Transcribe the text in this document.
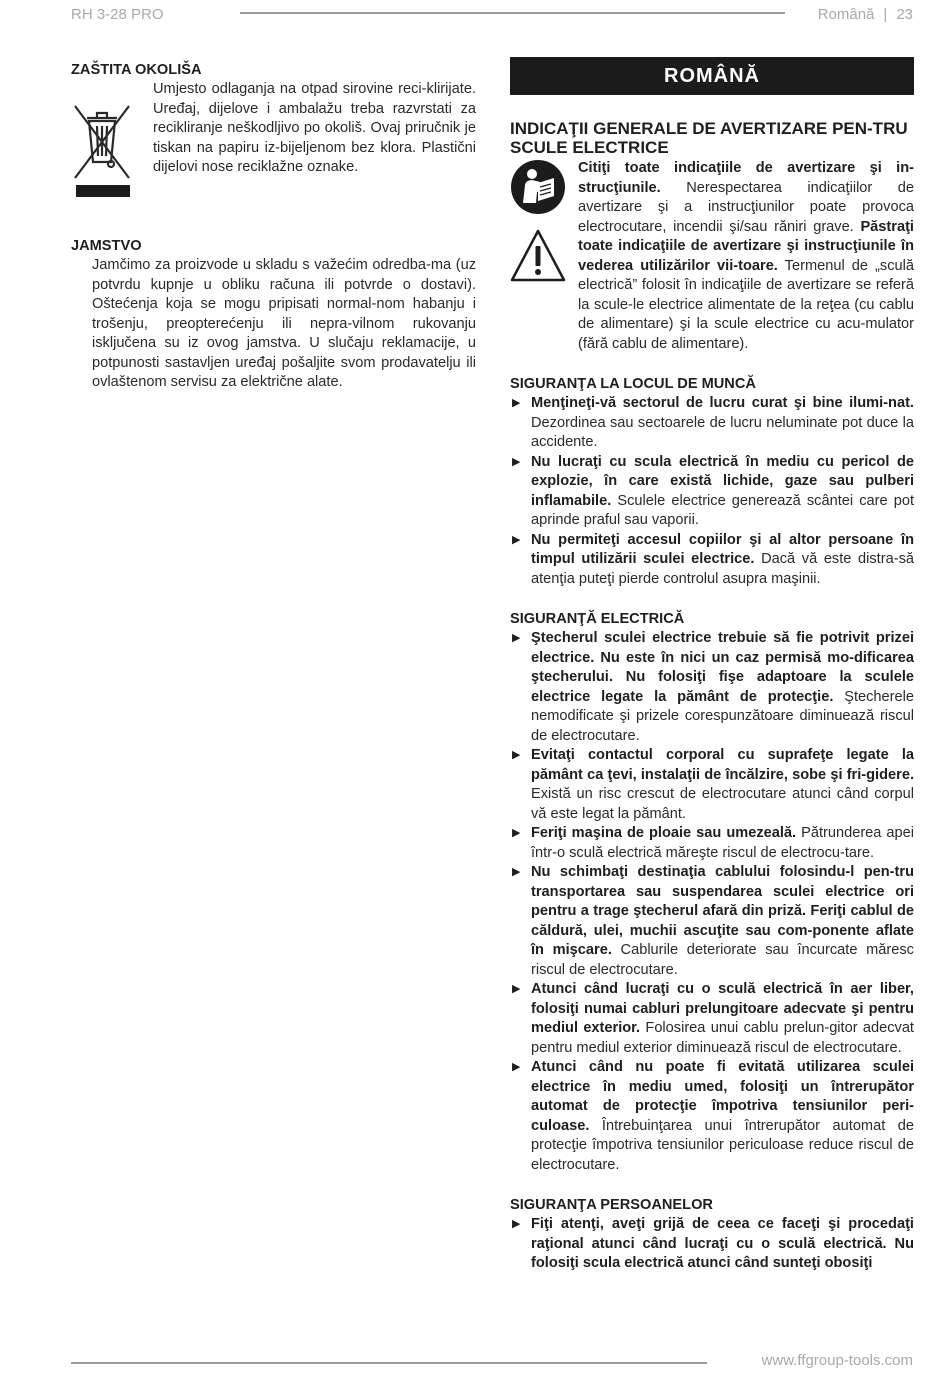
RH 3-28 PRO	Română | 23
ZAŠTITA OKOLIŠA

Umjesto odlaganja na otpad sirovine reci-klirijate. Uređaj, dijelove i ambalažu treba razvrstati za recikliranje neškodljivo po okoliš. Ovaj priručnik je tiskan na papiru iz-bijeljenom bez klora. Plastični dijelovi nose reciklažne oznake.

JAMSTVO

Jamčimo za proizvode u skladu s važećim odredba-ma (uz potvrdu kupnje u obliku računa ili potvrde o dostavi). Oštećenja koja se mogu pripisati normal-nom habanju i trošenju, preopterećenju ili nepra-vilnom rukovanju isključena su iz ovog jamstva. U slučaju reklamacije, u potpunosti sastavljen uređaj pošaljite svom prodavatelju ili ovlaštenom servisu za električne alate.

ROMÂNĂ
INDICAŢII GENERALE DE AVERTIZARE PEN-TRU SCULE ELECTRICE

Citiţi toate indicaţiile de avertizare şi in-strucţiunile. Nerespectarea indicaţiilor de avertizare şi a instrucţiunilor poate provoca electrocutare, incendii şi/sau răniri grave. Păstraţi toate indicaţiile de avertizare şi instrucţiunile în vederea utilizărilor vii-toare. Termenul de „sculă electrică” folosit în indicaţiile de avertizare se referă la scule-le electrice alimentate de la reţea (cu cablu de alimentare) şi la scule electrice cu acu-mulator (fără cablu de alimentare).

SIGURANŢA LA LOCUL DE MUNCĂ
▶ Menţineţi-vă sectorul de lucru curat şi bine ilumi-nat. Dezordinea sau sectoarele de lucru neluminate pot duce la accidente.
▶ Nu lucraţi cu scula electrică în mediu cu pericol de explozie, în care există lichide, gaze sau pulberi inflamabile. Sculele electrice generează scântei care pot aprinde praful sau vaporii.
▶ Nu permiteţi accesul copiilor şi al altor persoane în timpul utilizării sculei electrice. Dacă vă este distra-să atenţia puteţi pierde controlul asupra maşinii.
SIGURANŢĂ ELECTRICĂ
▶ Ştecherul sculei electrice trebuie să fie potrivit prizei electrice. Nu este în nici un caz permisă mo-dificarea ştecherului. Nu folosiţi fişe adaptoare la sculele electrice legate la pământ de protecţie. Ştecherele nemodificate şi prizele corespunzătoare diminuează riscul de electrocutare.
▶ Evitaţi contactul corporal cu suprafeţe legate la pământ ca ţevi, instalaţii de încălzire, sobe şi fri-gidere. Există un risc crescut de electrocutare atunci când corpul vă este legat la pământ.
▶ Feriţi maşina de ploaie sau umezeală. Pătrunderea apei într-o sculă electrică măreşte riscul de electrocu-tare.
▶ Nu schimbaţi destinaţia cablului folosindu-l pen-tru transportarea sau suspendarea sculei electrice ori pentru a trage ştecherul afară din priză. Feriţi cablul de căldură, ulei, muchii ascuţite sau com-ponente aflate în mişcare. Cablurile deteriorate sau încurcate măresc riscul de electrocutare.
▶ Atunci când lucraţi cu o sculă electrică în aer liber, folosiţi numai cabluri prelungitoare adecvate şi pentru mediul exterior. Folosirea unui cablu prelun-gitor adecvat pentru mediul exterior diminuează riscul de electrocutare.
▶ Atunci când nu poate fi evitată utilizarea sculei electrice în mediu umed, folosiţi un întrerupător automat de protecţie împotriva tensiunilor peri-culoase. Întrebuinţarea unui întrerupător automat de protecţie împotriva tensiunilor periculoase reduce riscul de electrocutare.
SIGURANŢA PERSOANELOR
▶ Fiţi atenţi, aveţi grijă de ceea ce faceţi şi procedaţi raţional atunci când lucraţi cu o sculă electrică. Nu folosiţi scula electrică atunci când sunteţi obosiţi
www.ffgroup-tools.com
